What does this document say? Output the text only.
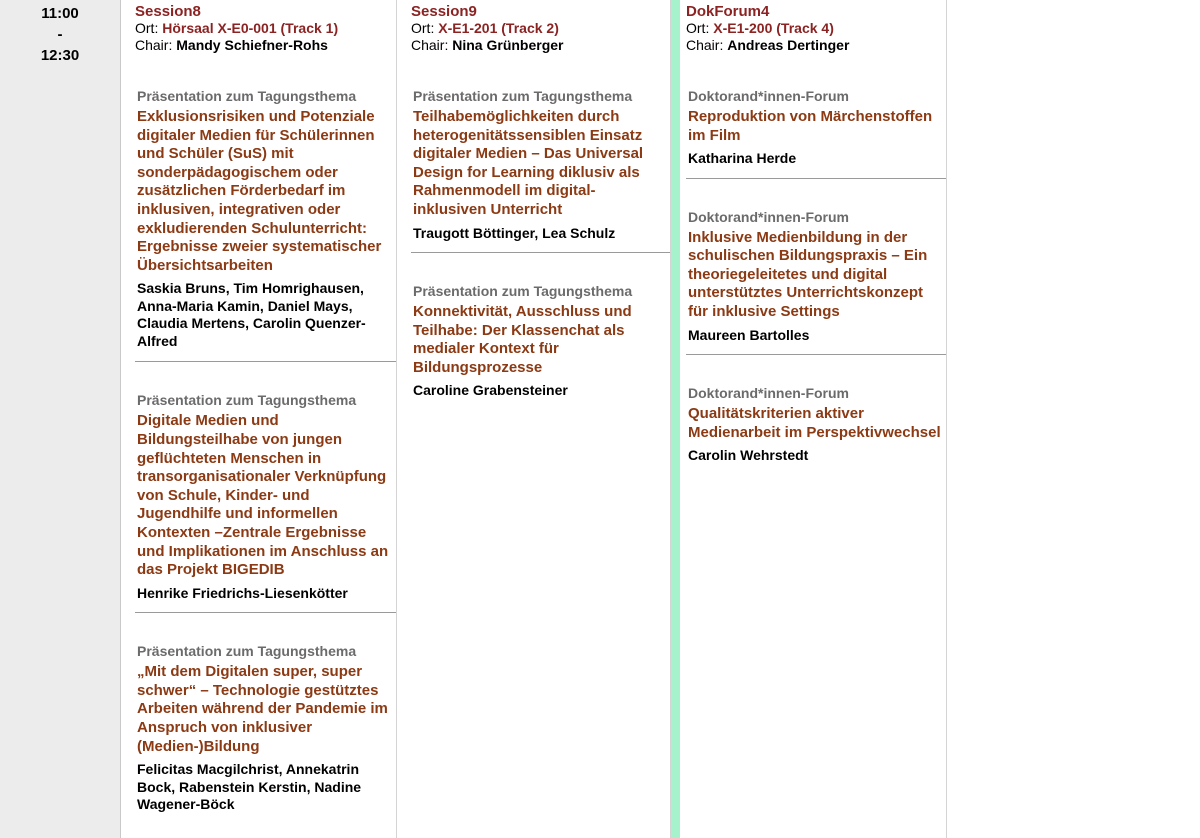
11:00
-
12:30
Session8
Ort: Hörsaal X-E0-001 (Track 1)
Chair: Mandy Schiefner-Rohs
Präsentation zum Tagungsthema
Exklusionsrisiken und Potenziale digitaler Medien für Schülerinnen und Schüler (SuS) mit sonderpädagogischem oder zusätzlichen Förderbedarf im inklusiven, integrativen oder exkludierenden Schulunterricht: Ergebnisse zweier systematischer Übersichtsarbeiten
Saskia Bruns, Tim Homrighausen, Anna-Maria Kamin, Daniel Mays, Claudia Mertens, Carolin Quenzer-Alfred
Präsentation zum Tagungsthema
Digitale Medien und Bildungsteilhabe von jungen geflüchteten Menschen in transorganisationaler Verknüpfung von Schule, Kinder- und Jugendhilfe und informellen Kontexten –Zentrale Ergebnisse und Implikationen im Anschluss an das Projekt BIGEDIB
Henrike Friedrichs-Liesenkötter
Präsentation zum Tagungsthema
„Mit dem Digitalen super, super schwer“ – Technologie gestütztes Arbeiten während der Pandemie im Anspruch von inklusiver (Medien-)Bildung
Felicitas Macgilchrist, Annekatrin Bock, Rabenstein Kerstin, Nadine Wagener-Böck
Session9
Ort: X-E1-201 (Track 2)
Chair: Nina Grünberger
Präsentation zum Tagungsthema
Teilhabemöglichkeiten durch heterogenitätssensiblen Einsatz digitaler Medien – Das Universal Design for Learning diklusiv als Rahmenmodell im digital-inklusiven Unterricht
Traugott Böttinger, Lea Schulz
Präsentation zum Tagungsthema
Konnektivität, Ausschluss und Teilhabe: Der Klassenchat als medialer Kontext für Bildungsprozesse
Caroline Grabensteiner
DokForum4
Ort: X-E1-200 (Track 4)
Chair: Andreas Dertinger
Doktorand*innen-Forum
Reproduktion von Märchenstoffen im Film
Katharina Herde
Doktorand*innen-Forum
Inklusive Medienbildung in der schulischen Bildungspraxis – Ein theoriegeleitetes und digital unterstütztes Unterrichtskonzept für inklusive Settings
Maureen Bartolles
Doktorand*innen-Forum
Qualitätskriterien aktiver Medienarbeit im Perspektivwechsel
Carolin Wehrstedt
